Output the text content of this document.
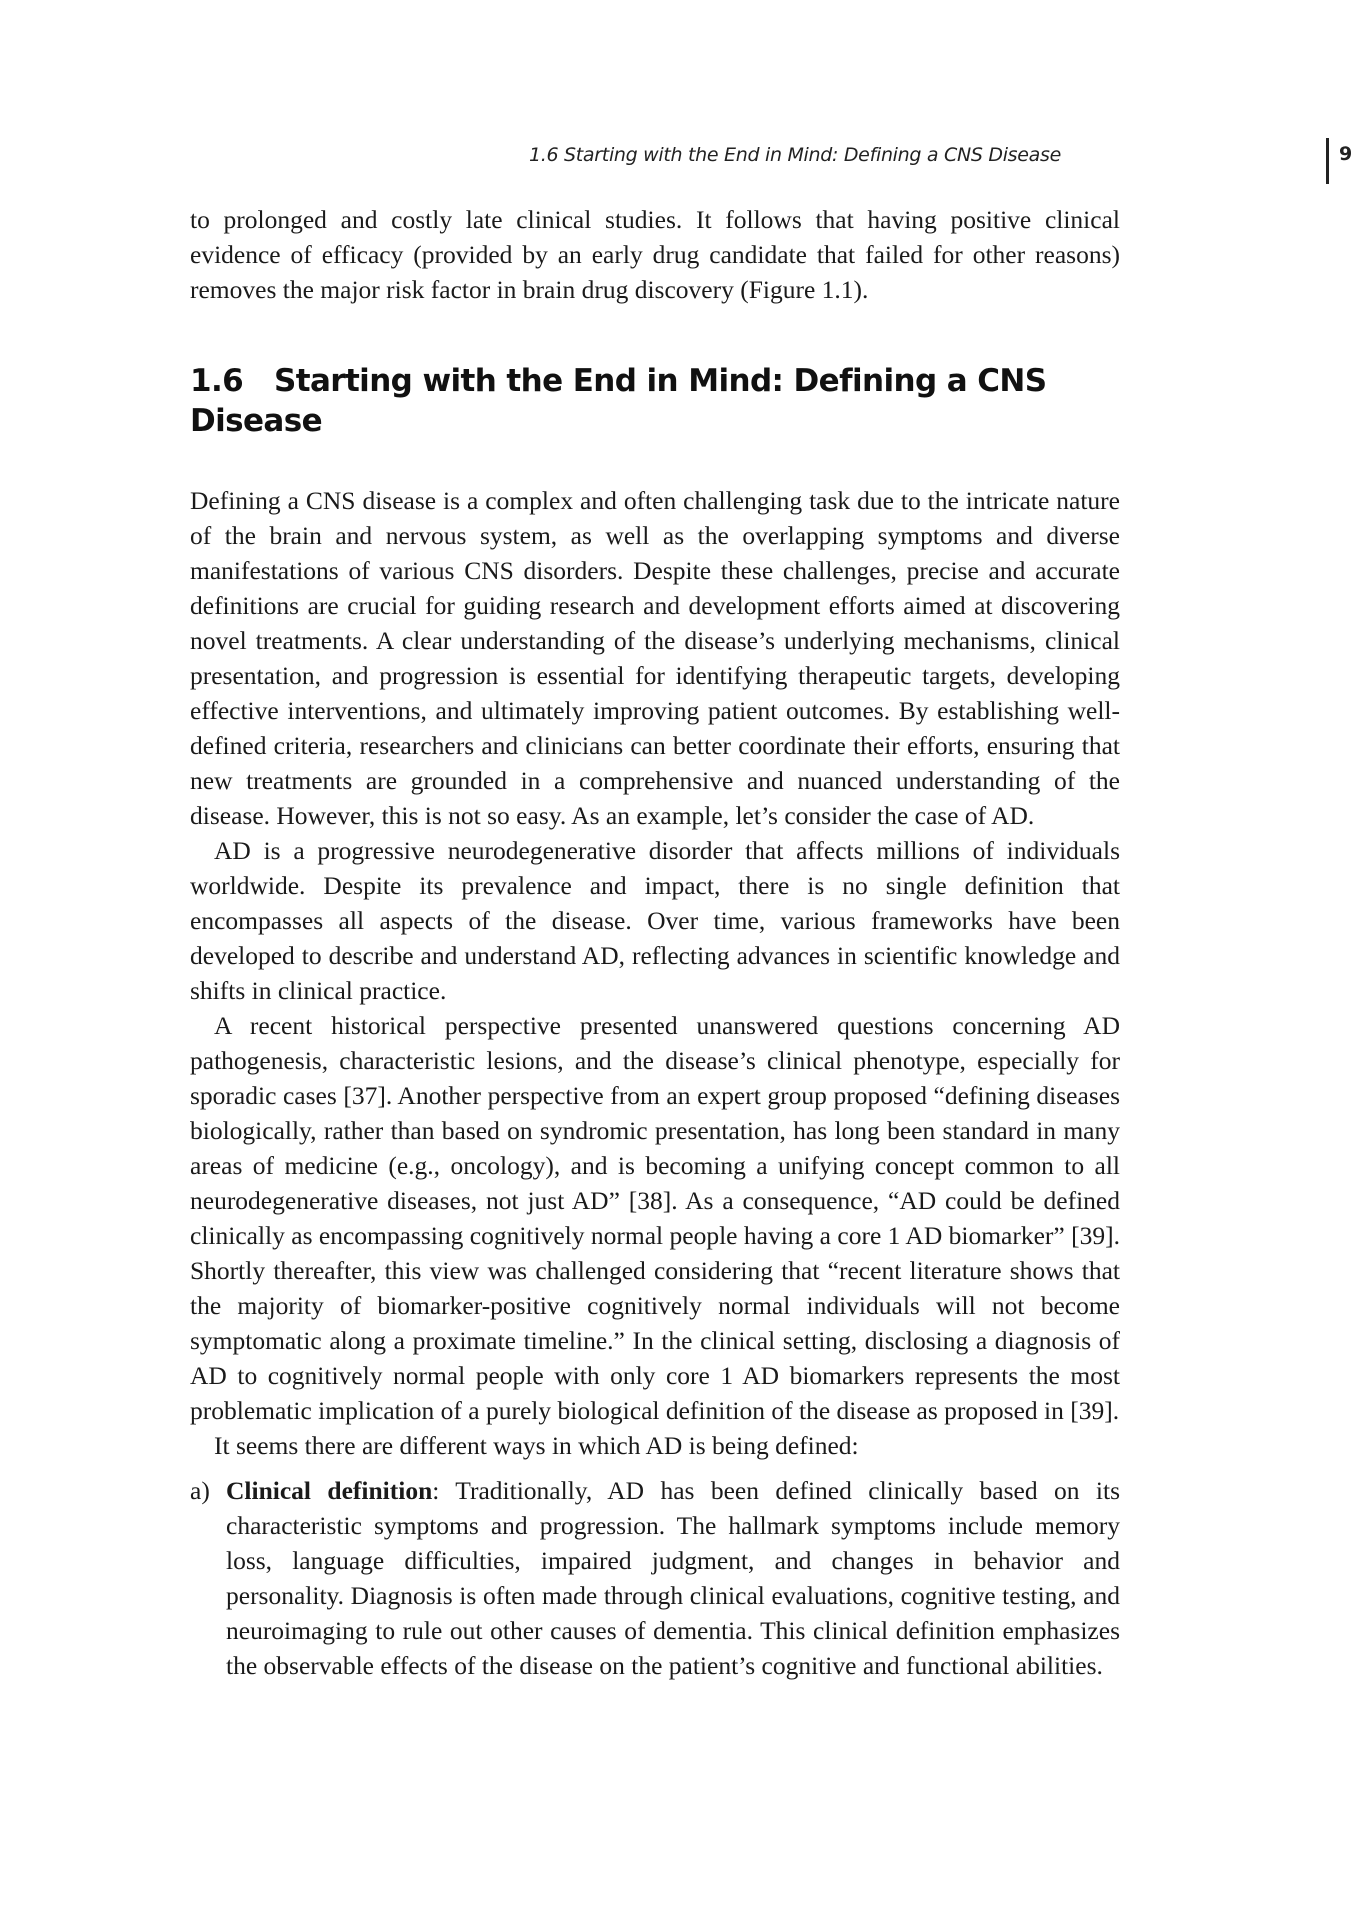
1.6 Starting with the End in Mind: Defining a CNS Disease	9

to prolonged and costly late clinical studies. It follows that having positive clinical evidence of efficacy (provided by an early drug candidate that failed for other reasons) removes the major risk factor in brain drug discovery (Figure 1.1).

1.6 Starting with the End in Mind: Defining a CNS Disease

Defining a CNS disease is a complex and often challenging task due to the intricate nature of the brain and nervous system, as well as the overlapping symptoms and diverse manifestations of various CNS disorders. Despite these challenges, precise and accurate definitions are crucial for guiding research and development efforts aimed at discovering novel treatments. A clear understanding of the disease’s underlying mechanisms, clinical presentation, and progression is essential for identifying therapeutic targets, developing effective interventions, and ultimately improving patient outcomes. By establishing well-defined criteria, researchers and clinicians can better coordinate their efforts, ensuring that new treatments are grounded in a comprehensive and nuanced understanding of the disease. However, this is not so easy. As an example, let’s consider the case of AD.

AD is a progressive neurodegenerative disorder that affects millions of individuals worldwide. Despite its prevalence and impact, there is no single definition that encompasses all aspects of the disease. Over time, various frameworks have been developed to describe and understand AD, reflecting advances in scientific knowledge and shifts in clinical practice.

A recent historical perspective presented unanswered questions concerning AD pathogenesis, characteristic lesions, and the disease’s clinical phenotype, especially for sporadic cases [37]. Another perspective from an expert group proposed “defining diseases biologically, rather than based on syndromic presentation, has long been standard in many areas of medicine (e.g., oncology), and is becoming a unifying concept common to all neurodegenerative diseases, not just AD” [38]. As a consequence, “AD could be defined clinically as encompassing cognitively normal people having a core 1 AD biomarker” [39]. Shortly thereafter, this view was challenged considering that “recent literature shows that the majority of biomarker-positive cognitively normal individuals will not become symptomatic along a proximate timeline.” In the clinical setting, disclosing a diagnosis of AD to cognitively normal people with only core 1 AD biomarkers represents the most problematic implication of a purely biological definition of the disease as proposed in [39].

It seems there are different ways in which AD is being defined:

a) Clinical definition: Traditionally, AD has been defined clinically based on its characteristic symptoms and progression. The hallmark symptoms include memory loss, language difficulties, impaired judgment, and changes in behavior and personality. Diagnosis is often made through clinical evaluations, cognitive testing, and neuroimaging to rule out other causes of dementia. This clinical definition emphasizes the observable effects of the disease on the patient’s cognitive and functional abilities.
